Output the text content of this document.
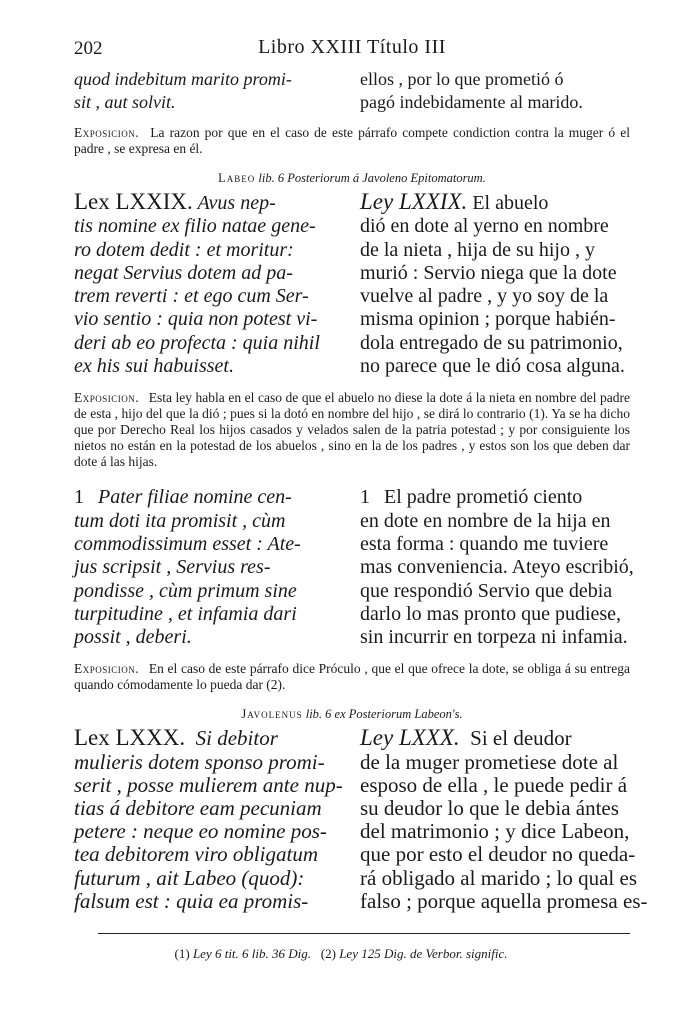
202	Libro XXIII Título III
quod indebitum marito promi-
sit , aut solvit.
ellos , por lo que prometió ó
pagó indebidamente al marido.

Exposicion. La razon por que en el caso de este párrafo compete condiction contra la muger ó el padre , se expresa en él.

Labeo lib. 6 Posteriorum á Javoleno Epitomatorum.
Lex LXXIX. Avus nep-
tis nomine ex filio natae gene-
ro dotem dedit : et moritur:
negat Servius dotem ad pa-
trem reverti : et ego cum Ser-
vio sentio : quia non potest vi-
deri ab eo profecta : quia nihil
ex his sui habuisset.
Ley LXXIX. El abuelo
dió en dote al yerno en nombre
de la nieta , hija de su hijo , y
murió : Servio niega que la dote
vuelve al padre , y yo soy de la
misma opinion ; porque habién-
dola entregado de su patrimonio,
no parece que le dió cosa alguna.

Exposicion. Esta ley habla en el caso de que el abuelo no diese la dote á la nieta en nombre del padre de esta , hijo del que la dió ; pues si la dotó en nombre del hijo , se dirá lo contrario (1). Ya se ha dicho que por Derecho Real los hijos casados y velados salen de la patria potestad ; y por consiguiente los nietos no están en la potestad de los abuelos , sino en la de los padres , y estos son los que deben dar dote á las hijas.

1 Pater filiae nomine cen-
tum doti ita promisit , cùm
commodissimum esset : Ate-
jus scripsit , Servius res-
pondisse , cùm primum sine
turpitudine , et infamia dari
possit , deberi.
1 El padre prometió ciento
en dote en nombre de la hija en
esta forma : quando me tuviere
mas conveniencia. Ateyo escribió,
que respondió Servio que debia
darlo lo mas pronto que pudiese,
sin incurrir en torpeza ni infamia.

Exposicion. En el caso de este párrafo dice Próculo , que el que ofrece la dote, se obliga á su entrega quando cómodamente lo pueda dar (2).

Javolenus lib. 6 ex Posteriorum Labeon's.
Lex LXXX. Si debitor
mulieris dotem sponso promi-
serit , posse mulierem ante nup-
tias á debitore eam pecuniam
petere : neque eo nomine pos-
tea debitorem viro obligatum
futurum , ait Labeo (quod):
falsum est : quia ea promis-
Ley LXXX. Si el deudor
de la muger prometiese dote al
esposo de ella , le puede pedir á
su deudor lo que le debia ántes
del matrimonio ; y dice Labeon,
que por esto el deudor no queda-
rá obligado al marido ; lo qual es
falso ; porque aquella promesa es-
(1) Ley 6 tit. 6 lib. 36 Dig. (2) Ley 125 Dig. de Verbor. signific.
